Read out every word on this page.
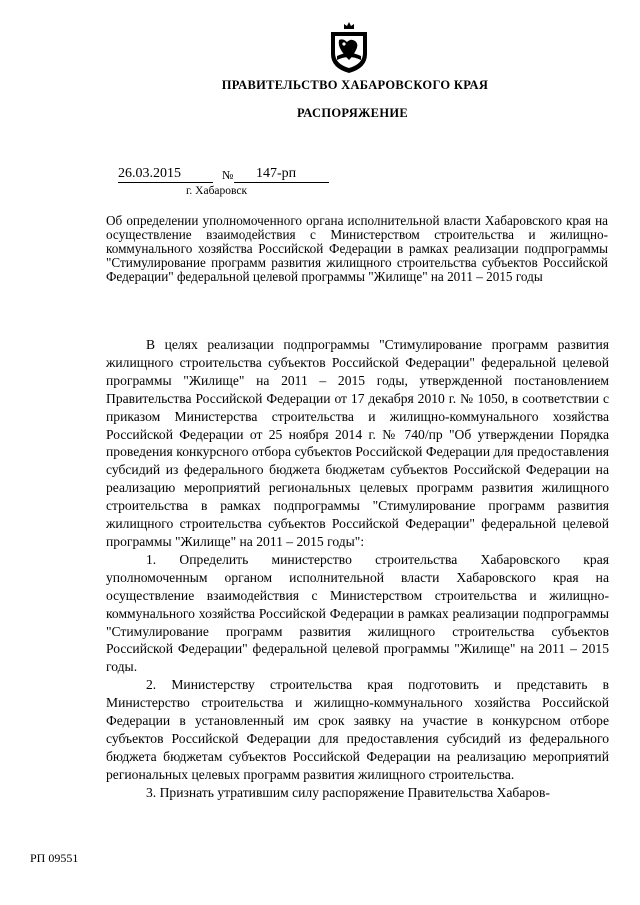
ПРАВИТЕЛЬСТВО ХАБАРОВСКОГО КРАЯ
РАСПОРЯЖЕНИЕ
26.03.2015	№	147-рп
г. Хабаровск
Об определении уполномоченного органа исполнительной власти Хабаровского края на осуществление взаимодействия с Министерством строительства и жилищно-коммунального хозяйства Российской Федерации в рамках реализации подпрограммы "Стимулирование программ развития жилищного строительства субъектов Российской Федерации" федеральной целевой программы "Жилище" на 2011 – 2015 годы

В целях реализации подпрограммы "Стимулирование программ развития жилищного строительства субъектов Российской Федерации" федеральной целевой программы "Жилище" на 2011 – 2015 годы, утвержденной постановлением Правительства Российской Федерации от 17 декабря 2010 г. № 1050, в соответствии с приказом Министерства строительства и жилищно-коммунального хозяйства Российской Федерации от 25 ноября 2014 г. № 740/пр "Об утверждении Порядка проведения конкурсного отбора субъектов Российской Федерации для предоставления субсидий из федерального бюджета бюджетам субъектов Российской Федерации на реализацию мероприятий региональных целевых программ развития жилищного строительства в рамках подпрограммы "Стимулирование программ развития жилищного строительства субъектов Российской Федерации" федеральной целевой программы "Жилище" на 2011 – 2015 годы":

1. Определить министерство строительства Хабаровского края уполномоченным органом исполнительной власти Хабаровского края на осуществление взаимодействия с Министерством строительства и жилищно-коммунального хозяйства Российской Федерации в рамках реализации подпрограммы "Стимулирование программ развития жилищного строительства субъектов Российской Федерации" федеральной целевой программы "Жилище" на 2011 – 2015 годы.

2. Министерству строительства края подготовить и представить в Министерство строительства и жилищно-коммунального хозяйства Российской Федерации в установленный им срок заявку на участие в конкурсном отборе субъектов Российской Федерации для предоставления субсидий из федерального бюджета бюджетам субъектов Российской Федерации на реализацию мероприятий региональных целевых программ развития жилищного строительства.

3. Признать утратившим силу распоряжение Правительства Хабаров-

РП 09551
